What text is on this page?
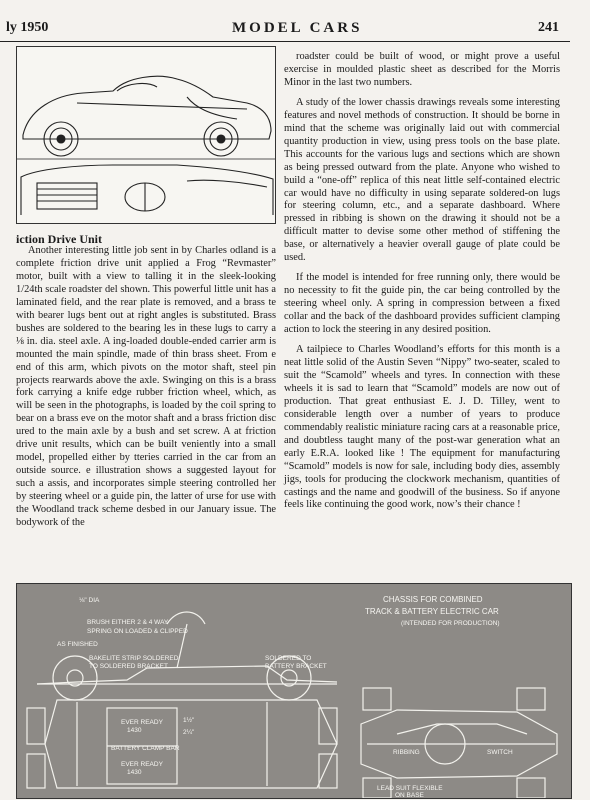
ly 1950	MODEL CARS	241
iction Drive Unit

Another interesting little job sent in by Charles odland is a complete friction drive unit applied a Frog “Revmaster” motor, built with a view to talling it in the sleek-looking 1/24th scale roadster del shown. This powerful little unit has a laminated field, and the rear plate is removed, and a brass te with bearer lugs bent out at right angles is substituted. Brass bushes are soldered to the bearing les in these lugs to carry a ⅛ in. dia. steel axle. A ing-loaded double-ended carrier arm is mounted the main spindle, made of thin brass sheet. From e end of this arm, which pivots on the motor shaft, steel pin projects rearwards above the axle. Swinging on this is a brass fork carrying a knife edge rubber friction wheel, which, as will be seen in the photographs, is loaded by the coil spring to bear on a brass eve on the motor shaft and a brass friction disc ured to the main axle by a bush and set screw. A at friction drive unit results, which can be built veniently into a small model, propelled either by tteries carried in the car from an outside source. e illustration shows a suggested layout for such a assis, and incorporates simple steering controlled her by steering wheel or a guide pin, the latter of urse for use with the Woodland track scheme desbed in our January issue. The bodywork of the

roadster could be built of wood, or might prove a useful exercise in moulded plastic sheet as described for the Morris Minor in the last two numbers.

A study of the lower chassis drawings reveals some interesting features and novel methods of construction. It should be borne in mind that the scheme was originally laid out with commercial quantity production in view, using press tools on the base plate. This accounts for the various lugs and sections which are shown as being pressed outward from the plate. Anyone who wished to build a “one-off” replica of this neat little self-contained electric car would have no difficulty in using separate soldered-on lugs for steering column, etc., and a separate dashboard. Where pressed in ribbing is shown on the drawing it should not be a difficult matter to devise some other method of stiffening the base, or alternatively a heavier overall gauge of plate could be used.

If the model is intended for free running only, there would be no necessity to fit the guide pin, the car being controlled by the steering wheel only. A spring in compression between a fixed collar and the back of the dashboard provides sufficient clamping action to lock the steering in any desired position.

A tailpiece to Charles Woodland’s efforts for this month is a neat little solid of the Austin Seven “Nippy” two-seater, scaled to suit the “Scamold” wheels and tyres. In connection with these wheels it is sad to learn that “Scamold” models are now out of production. That great enthusiast E. J. D. Tilley, went to considerable length over a number of years to produce commendably realistic miniature racing cars at a reasonable price, and doubtless taught many of the post-war generation what an early E.R.A. looked like ! The equipment for manufacturing “Scamold” models is now for sale, including body dies, assembly jigs, tools for producing the clockwork mechanism, quantities of castings and the name and goodwill of the business. So if anyone feels like continuing the good work, now’s their chance !

CHASSIS FOR COMBINED
TRACK & BATTERY ELECTRIC CAR
(INTENDED FOR PRODUCTION)
⅛" DIA
BRUSH EITHER 2 & 4 WAY
SPRING ON LOADED & CLIPPED
AS FINISHED
BAKELITE STRIP SOLDERED
TO SOLDERED BRACKET
SOLDERED TO
BATTERY BRACKET
EVER READY
1430
BATTERY CLAMP BAR
EVER READY
1430
1½"
2¼"
RIBBING	SWITCH
LEAD SUIT FLEXIBLE
ON BASE
